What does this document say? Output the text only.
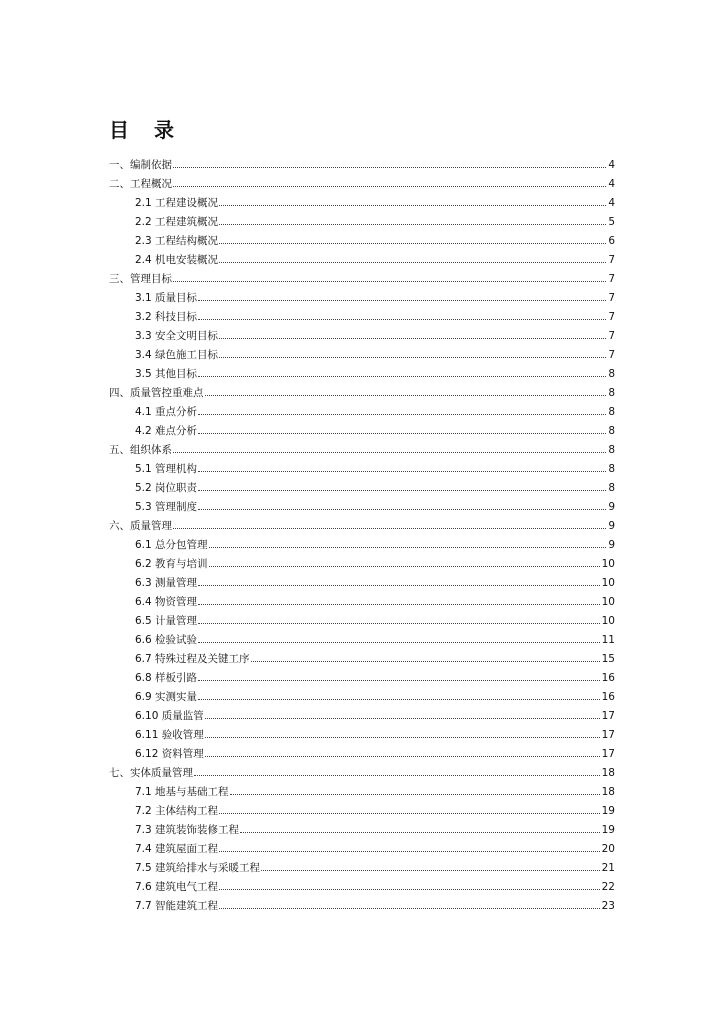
目 录
一、编制依据	4
二、工程概况	4
2.1 工程建设概况	4
2.2 工程建筑概况	5
2.3 工程结构概况	6
2.4 机电安装概况	7
三、管理目标	7
3.1 质量目标	7
3.2 科技目标	7
3.3 安全文明目标	7
3.4 绿色施工目标	7
3.5 其他目标	8
四、质量管控重难点	8
4.1 重点分析	8
4.2 难点分析	8
五、组织体系	8
5.1 管理机构	8
5.2 岗位职责	8
5.3 管理制度	9
六、质量管理	9
6.1 总分包管理	9
6.2 教育与培训	10
6.3 测量管理	10
6.4 物资管理	10
6.5 计量管理	10
6.6 检验试验	11
6.7 特殊过程及关键工序	15
6.8 样板引路	16
6.9 实测实量	16
6.10 质量监管	17
6.11 验收管理	17
6.12 资料管理	17
七、实体质量管理	18
7.1 地基与基础工程	18
7.2 主体结构工程	19
7.3 建筑装饰装修工程	19
7.4 建筑屋面工程	20
7.5 建筑给排水与采暖工程	21
7.6 建筑电气工程	22
7.7 智能建筑工程	23
